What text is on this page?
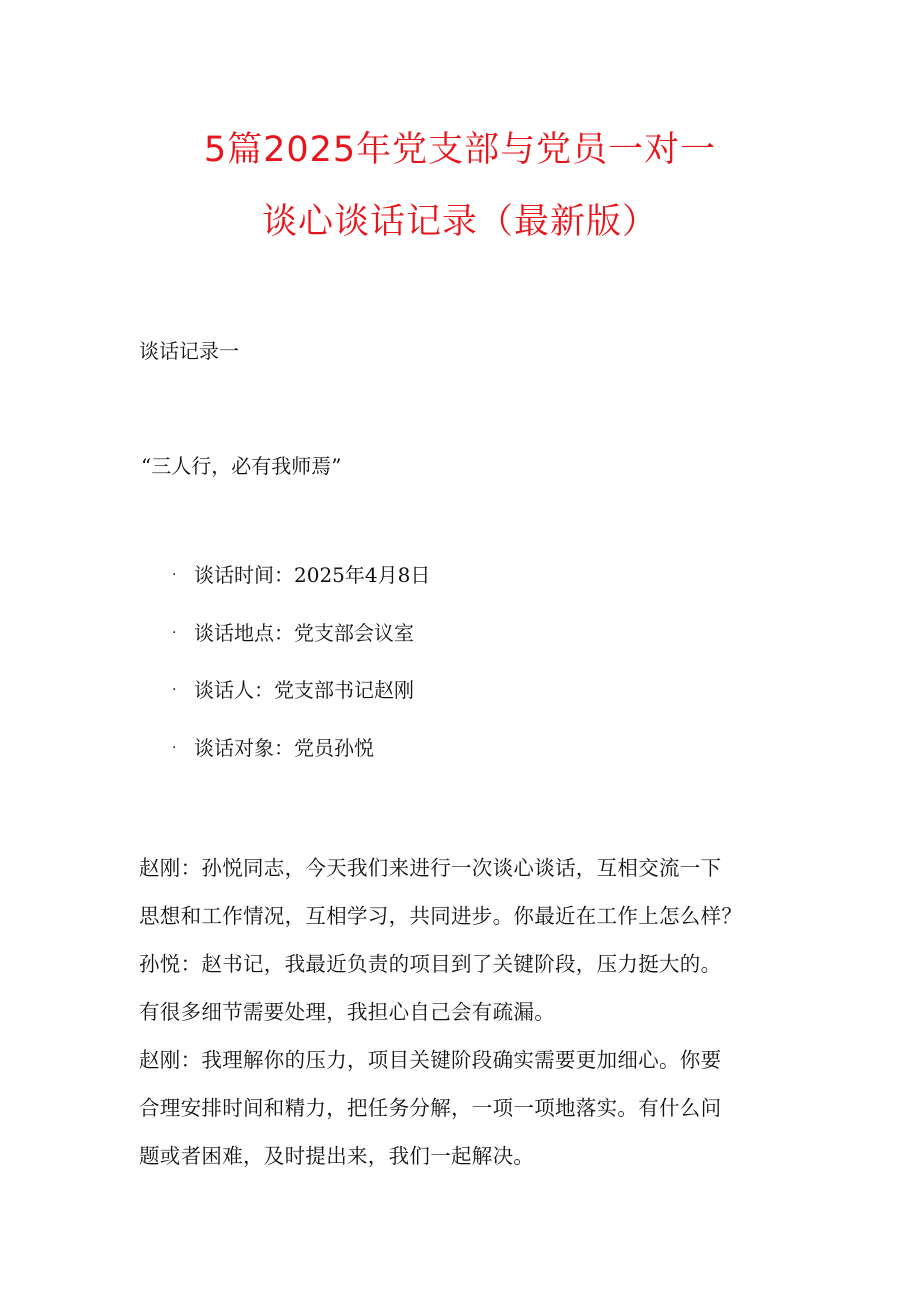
5篇2025年党支部与党员一对一
谈心谈话记录（最新版）
谈话记录一
“三人行，必有我师焉”
· 谈话时间：2025年4月8日
· 谈话地点：党支部会议室
· 谈话人：党支部书记赵刚
· 谈话对象：党员孙悦
赵刚：孙悦同志，今天我们来进行一次谈心谈话，互相交流一下
思想和工作情况，互相学习，共同进步。你最近在工作上怎么样？
孙悦：赵书记，我最近负责的项目到了关键阶段，压力挺大的。
有很多细节需要处理，我担心自己会有疏漏。
赵刚：我理解你的压力，项目关键阶段确实需要更加细心。你要
合理安排时间和精力，把任务分解，一项一项地落实。有什么问
题或者困难，及时提出来，我们一起解决。
